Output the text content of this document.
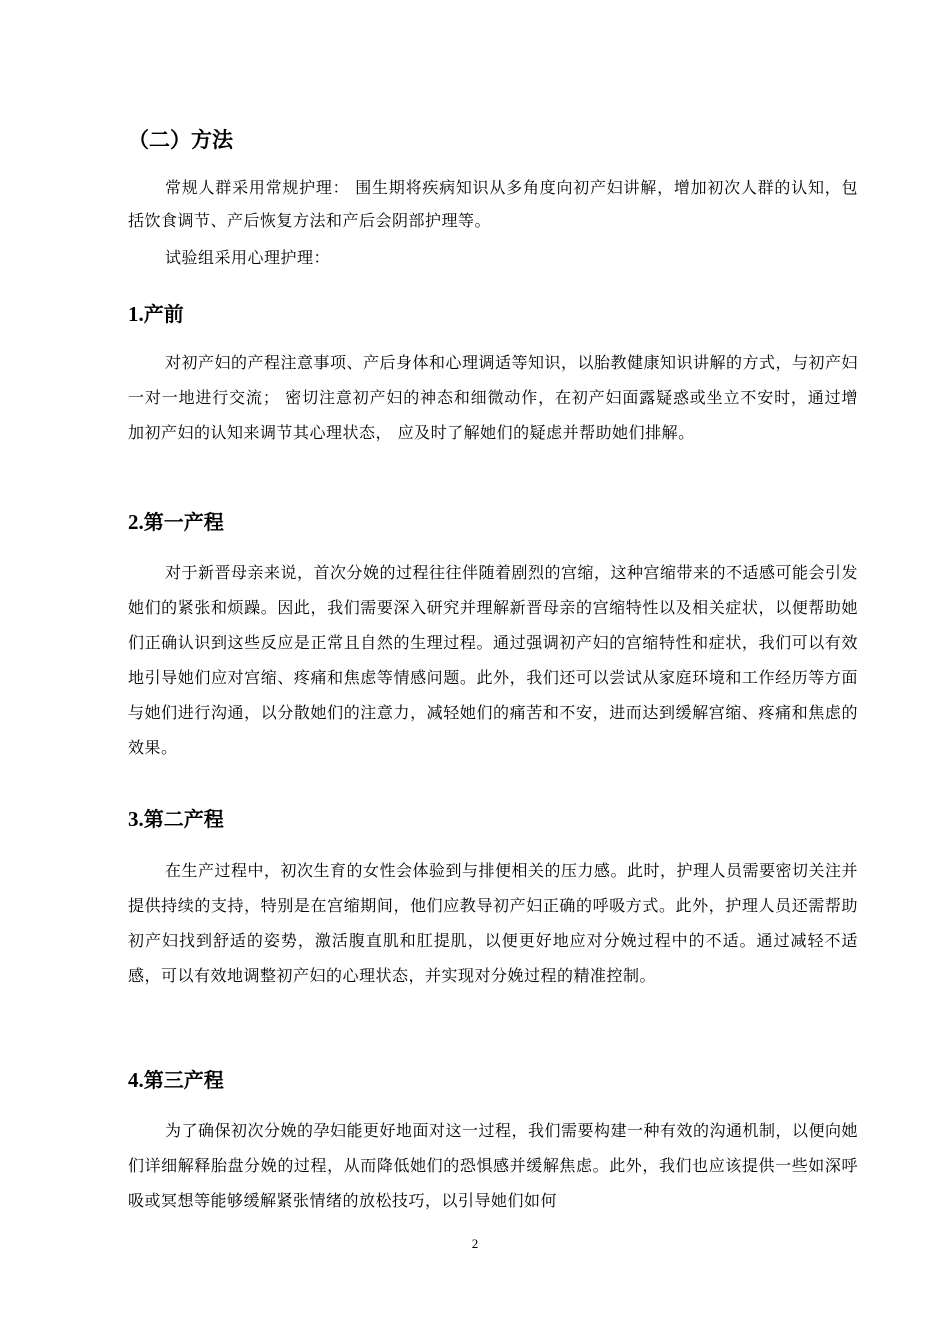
（二）方法

常规人群采用常规护理： 围生期将疾病知识从多角度向初产妇讲解，增加初次人群的认知，包括饮食调节、产后恢复方法和产后会阴部护理等。

试验组采用心理护理：

1.产前

对初产妇的产程注意事项、产后身体和心理调适等知识，以胎教健康知识讲解的方式，与初产妇一对一地进行交流； 密切注意初产妇的神态和细微动作，在初产妇面露疑惑或坐立不安时，通过增加初产妇的认知来调节其心理状态， 应及时了解她们的疑虑并帮助她们排解。

2.第一产程

对于新晋母亲来说，首次分娩的过程往往伴随着剧烈的宫缩，这种宫缩带来的不适感可能会引发她们的紧张和烦躁。因此，我们需要深入研究并理解新晋母亲的宫缩特性以及相关症状，以便帮助她们正确认识到这些反应是正常且自然的生理过程。通过强调初产妇的宫缩特性和症状，我们可以有效地引导她们应对宫缩、疼痛和焦虑等情感问题。此外，我们还可以尝试从家庭环境和工作经历等方面与她们进行沟通，以分散她们的注意力，减轻她们的痛苦和不安，进而达到缓解宫缩、疼痛和焦虑的效果。

3.第二产程

在生产过程中，初次生育的女性会体验到与排便相关的压力感。此时，护理人员需要密切关注并提供持续的支持，特别是在宫缩期间，他们应教导初产妇正确的呼吸方式。此外，护理人员还需帮助初产妇找到舒适的姿势，激活腹直肌和肛提肌，以便更好地应对分娩过程中的不适。通过减轻不适感，可以有效地调整初产妇的心理状态，并实现对分娩过程的精准控制。

4.第三产程

为了确保初次分娩的孕妇能更好地面对这一过程，我们需要构建一种有效的沟通机制，以便向她们详细解释胎盘分娩的过程，从而降低她们的恐惧感并缓解焦虑。此外，我们也应该提供一些如深呼吸或冥想等能够缓解紧张情绪的放松技巧，以引导她们如何

2
